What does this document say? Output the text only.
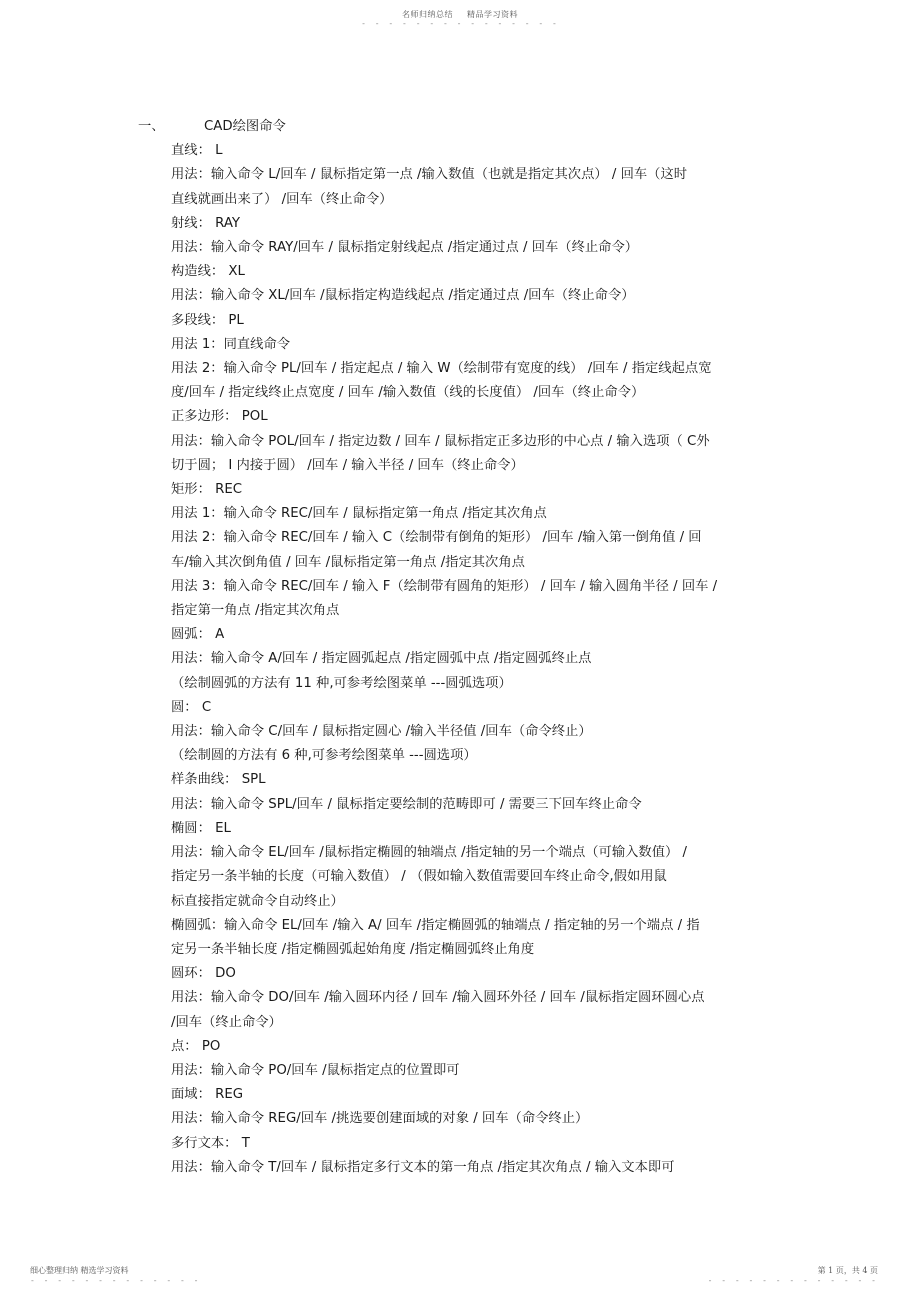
名师归纳总结 精品学习资料
- - - - - - - - - - - - - - -
一、	CAD绘图命令
直线： L
用法：输入命令 L/回车 / 鼠标指定第一点 /输入数值（也就是指定其次点） / 回车（这时
直线就画出来了） /回车（终止命令）
射线： RAY
用法：输入命令 RAY/回车 / 鼠标指定射线起点 /指定通过点 / 回车（终止命令）
构造线： XL
用法：输入命令 XL/回车 /鼠标指定构造线起点 /指定通过点 /回车（终止命令）
多段线： PL
用法 1：同直线命令
用法 2：输入命令 PL/回车 / 指定起点 / 输入 W（绘制带有宽度的线） /回车 / 指定线起点宽
度/回车 / 指定线终止点宽度 / 回车 /输入数值（线的长度值） /回车（终止命令）
正多边形： POL
用法：输入命令 POL/回车 / 指定边数 / 回车 / 鼠标指定正多边形的中心点 / 输入选项（ C外
切于圆； I 内接于圆） /回车 / 输入半径 / 回车（终止命令）
矩形： REC
用法 1：输入命令 REC/回车 / 鼠标指定第一角点 /指定其次角点
用法 2：输入命令 REC/回车 / 输入 C（绘制带有倒角的矩形） /回车 /输入第一倒角值 / 回
车/输入其次倒角值 / 回车 /鼠标指定第一角点 /指定其次角点
用法 3：输入命令 REC/回车 / 输入 F（绘制带有圆角的矩形） / 回车 / 输入圆角半径 / 回车 /
指定第一角点 /指定其次角点
圆弧： A
用法：输入命令 A/回车 / 指定圆弧起点 /指定圆弧中点 /指定圆弧终止点
（绘制圆弧的方法有 11 种,可参考绘图菜单 ---圆弧选项）
圆： C
用法：输入命令 C/回车 / 鼠标指定圆心 /输入半径值 /回车（命令终止）
（绘制圆的方法有 6 种,可参考绘图菜单 ---圆选项）
样条曲线： SPL
用法：输入命令 SPL/回车 / 鼠标指定要绘制的范畴即可 / 需要三下回车终止命令
椭圆： EL
用法：输入命令 EL/回车 /鼠标指定椭圆的轴端点 /指定轴的另一个端点（可输入数值） /
指定另一条半轴的长度（可输入数值） / （假如输入数值需要回车终止命令,假如用鼠
标直接指定就命令自动终止）
椭圆弧：输入命令 EL/回车 /输入 A/ 回车 /指定椭圆弧的轴端点 / 指定轴的另一个端点 / 指
定另一条半轴长度 /指定椭圆弧起始角度 /指定椭圆弧终止角度
圆环： DO
用法：输入命令 DO/回车 /输入圆环内径 / 回车 /输入圆环外径 / 回车 /鼠标指定圆环圆心点
/回车（终止命令）
点： PO
用法：输入命令 PO/回车 /鼠标指定点的位置即可
面域： REG
用法：输入命令 REG/回车 /挑选要创建面域的对象 / 回车（命令终止）
多行文本： T
用法：输入命令 T/回车 / 鼠标指定多行文本的第一角点 /指定其次角点 / 输入文本即可
细心整理归纳 精选学习资料	第 1 页，共 4 页
- - - - - - - - - - - - -	- - - - - - - - - - - - -
